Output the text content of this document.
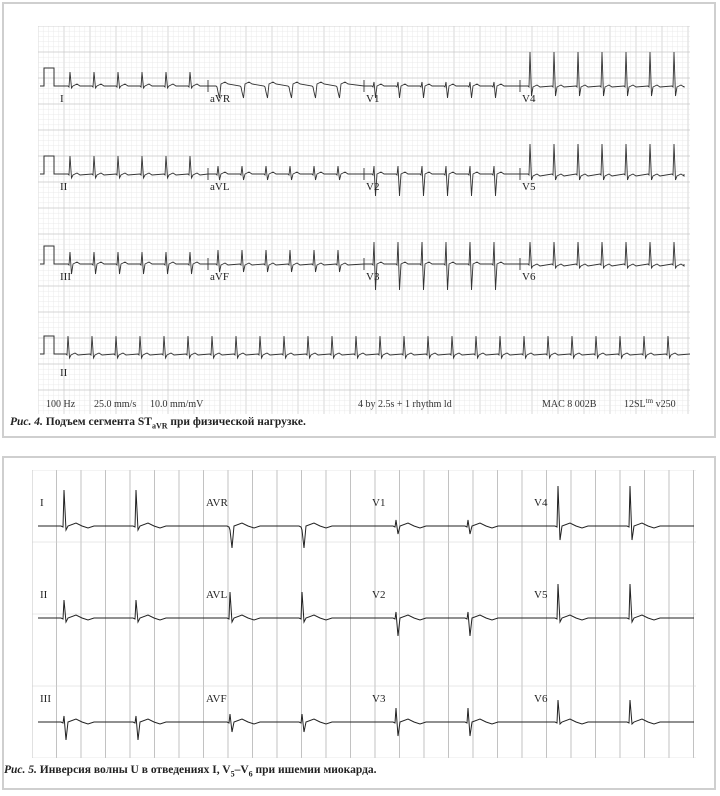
I	aVR	V1	V4
II	aVL	V2	V5
III	aVF	V3	V6
II
100 Hz 25.0 mm/s 10.0 mm/mV	4 by 2.5s + 1 rhythm ld	MAC 8 002B	$12SL^{tm}$ v250
Рис. 4. Подъем сегмента $ST_{aVR}$ при физической нагрузке.
I	AVR	V1	V4
II	AVL	V2	V5
III	AVF	V3	V6
Рис. 5. Инверсия волны U в отведениях I, $V_5-V_6$ при ишемии миокарда.
